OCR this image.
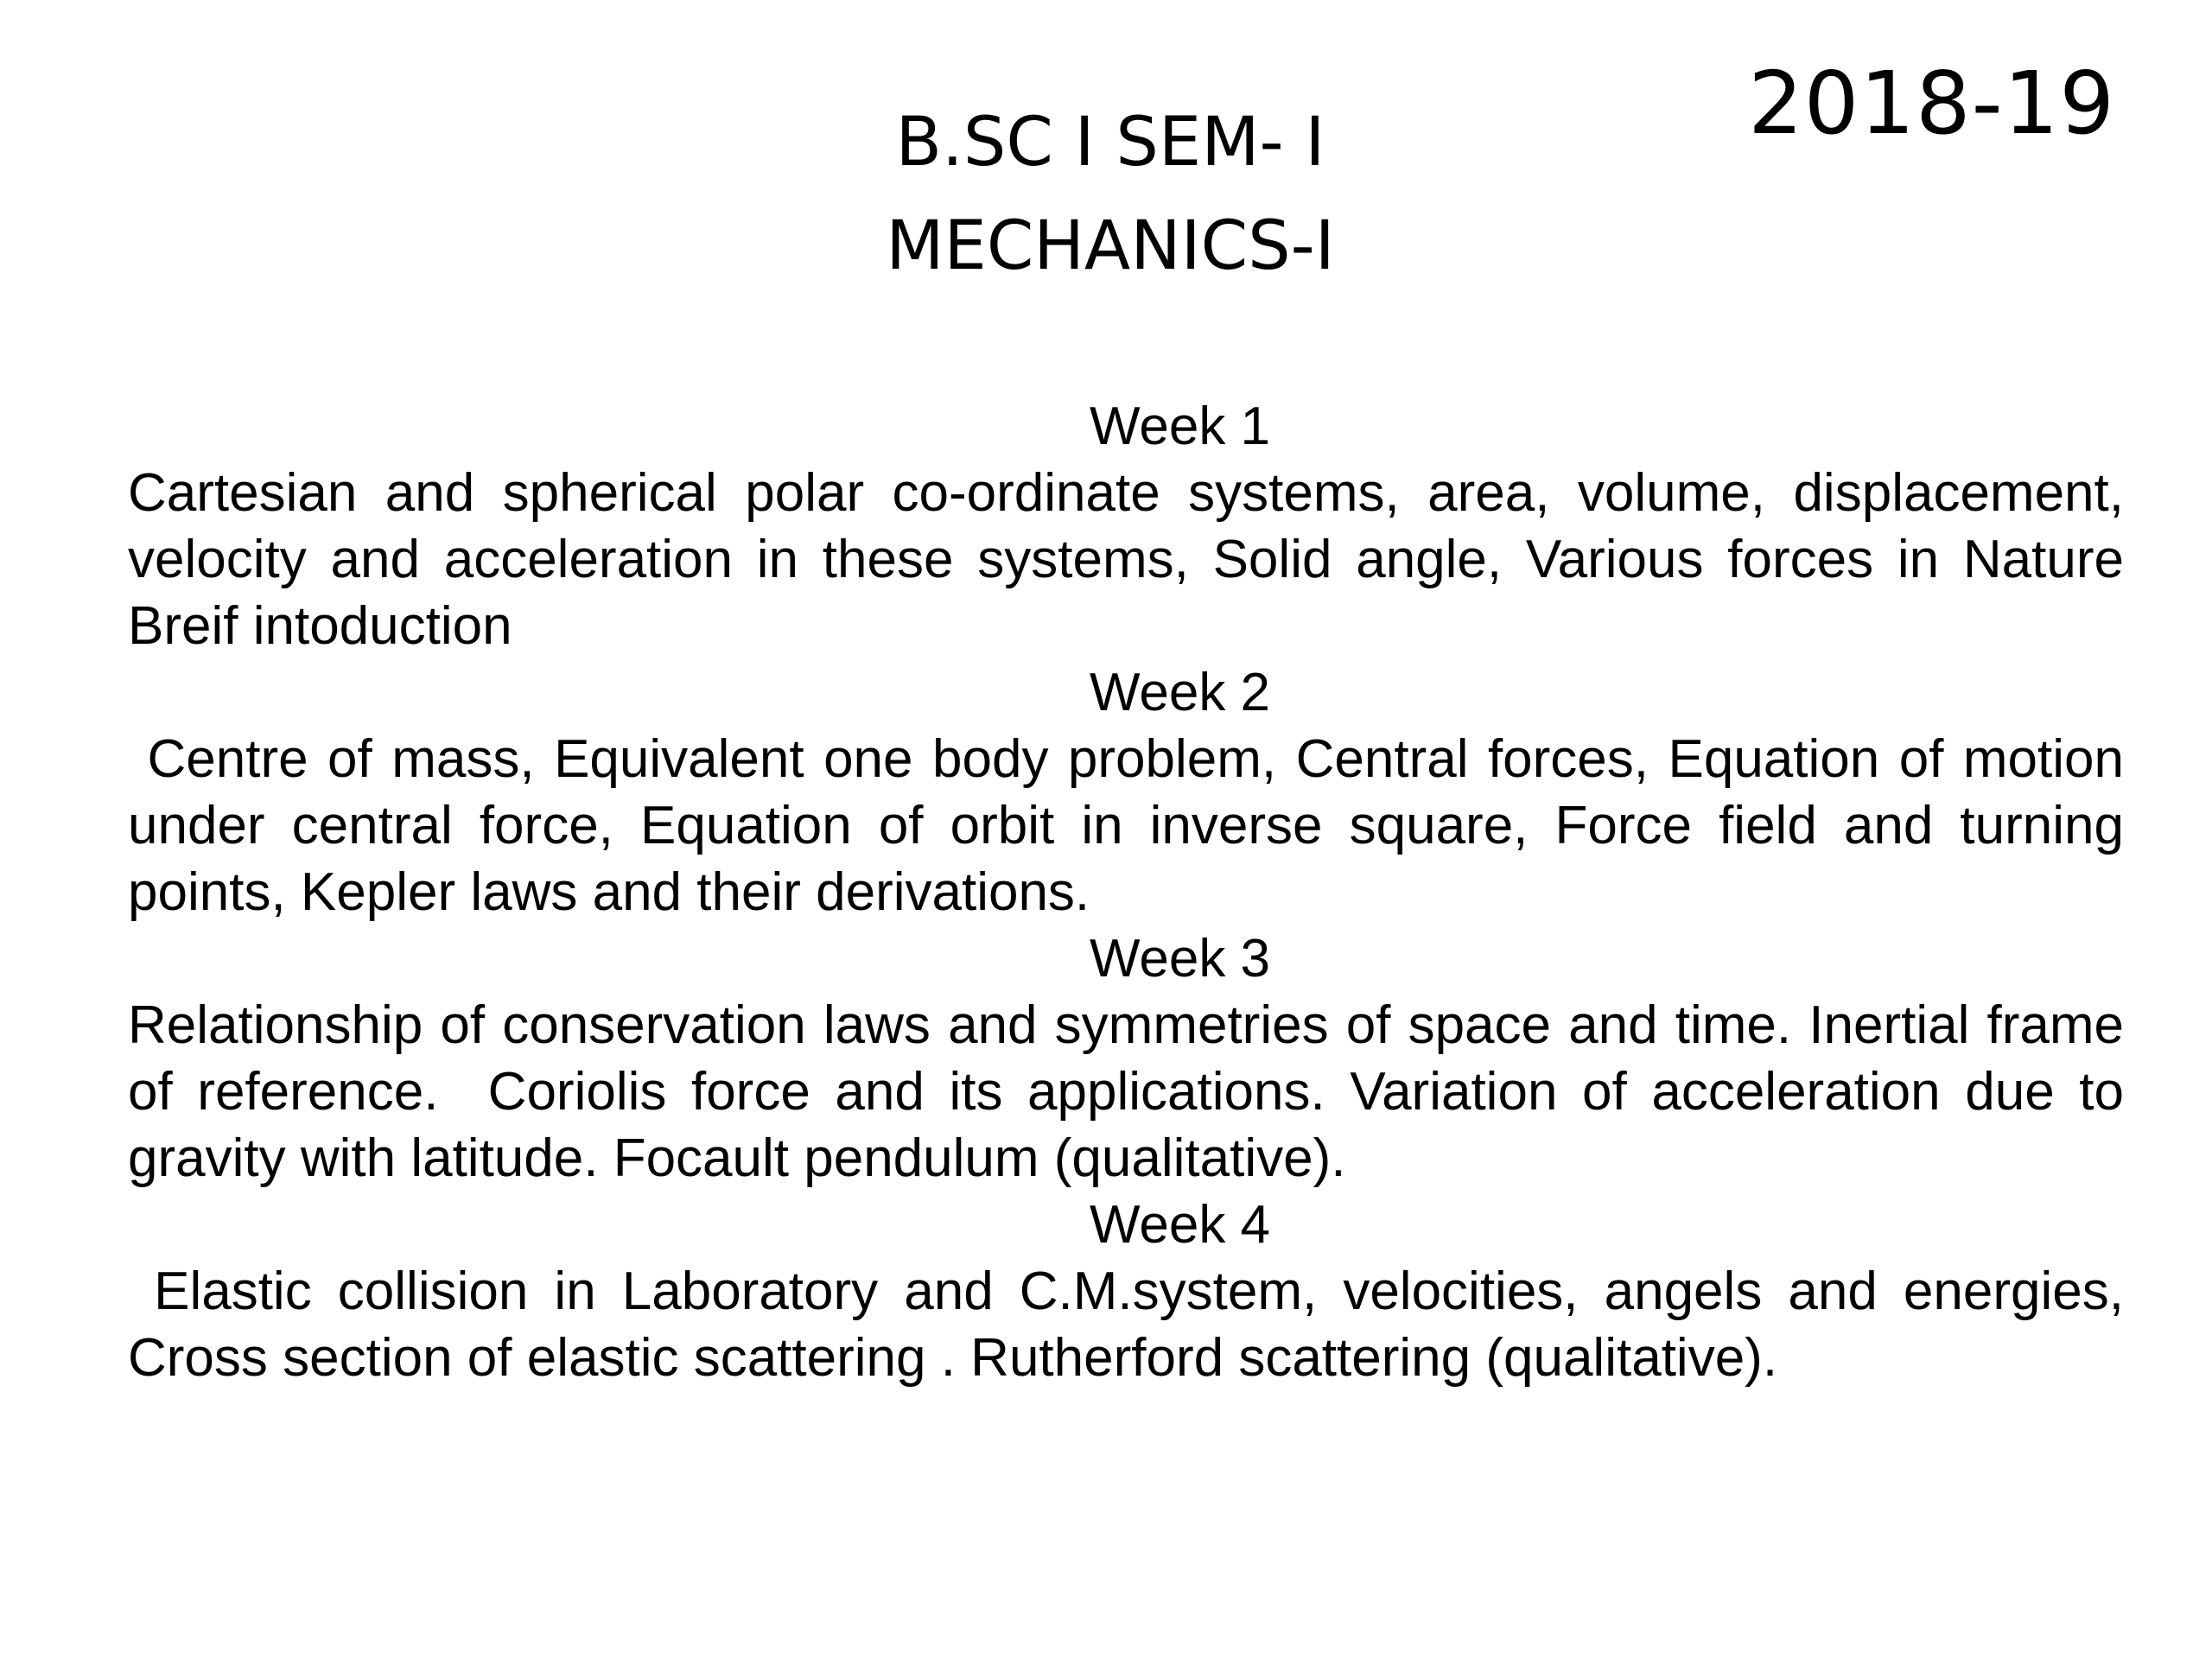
2018-19
B.SC I SEM- I
MECHANICS-I
Week 1
Cartesian and spherical polar co-ordinate systems, area, volume, displacement, velocity and acceleration in these systems, Solid angle, Various forces in Nature Breif intoduction
Week 2
Centre of mass, Equivalent one body problem, Central forces, Equation of motion under central force, Equation of orbit in inverse square, Force field and turning points, Kepler laws and their derivations.
Week 3
Relationship of conservation laws and symmetries of space and time. Inertial frame of reference.  Coriolis force and its applications. Variation of acceleration due to gravity with latitude. Focault pendulum (qualitative).
Week 4
Elastic collision in Laboratory and C.M.system, velocities, angels and energies, Cross section of elastic scattering . Rutherford scattering (qualitative).
